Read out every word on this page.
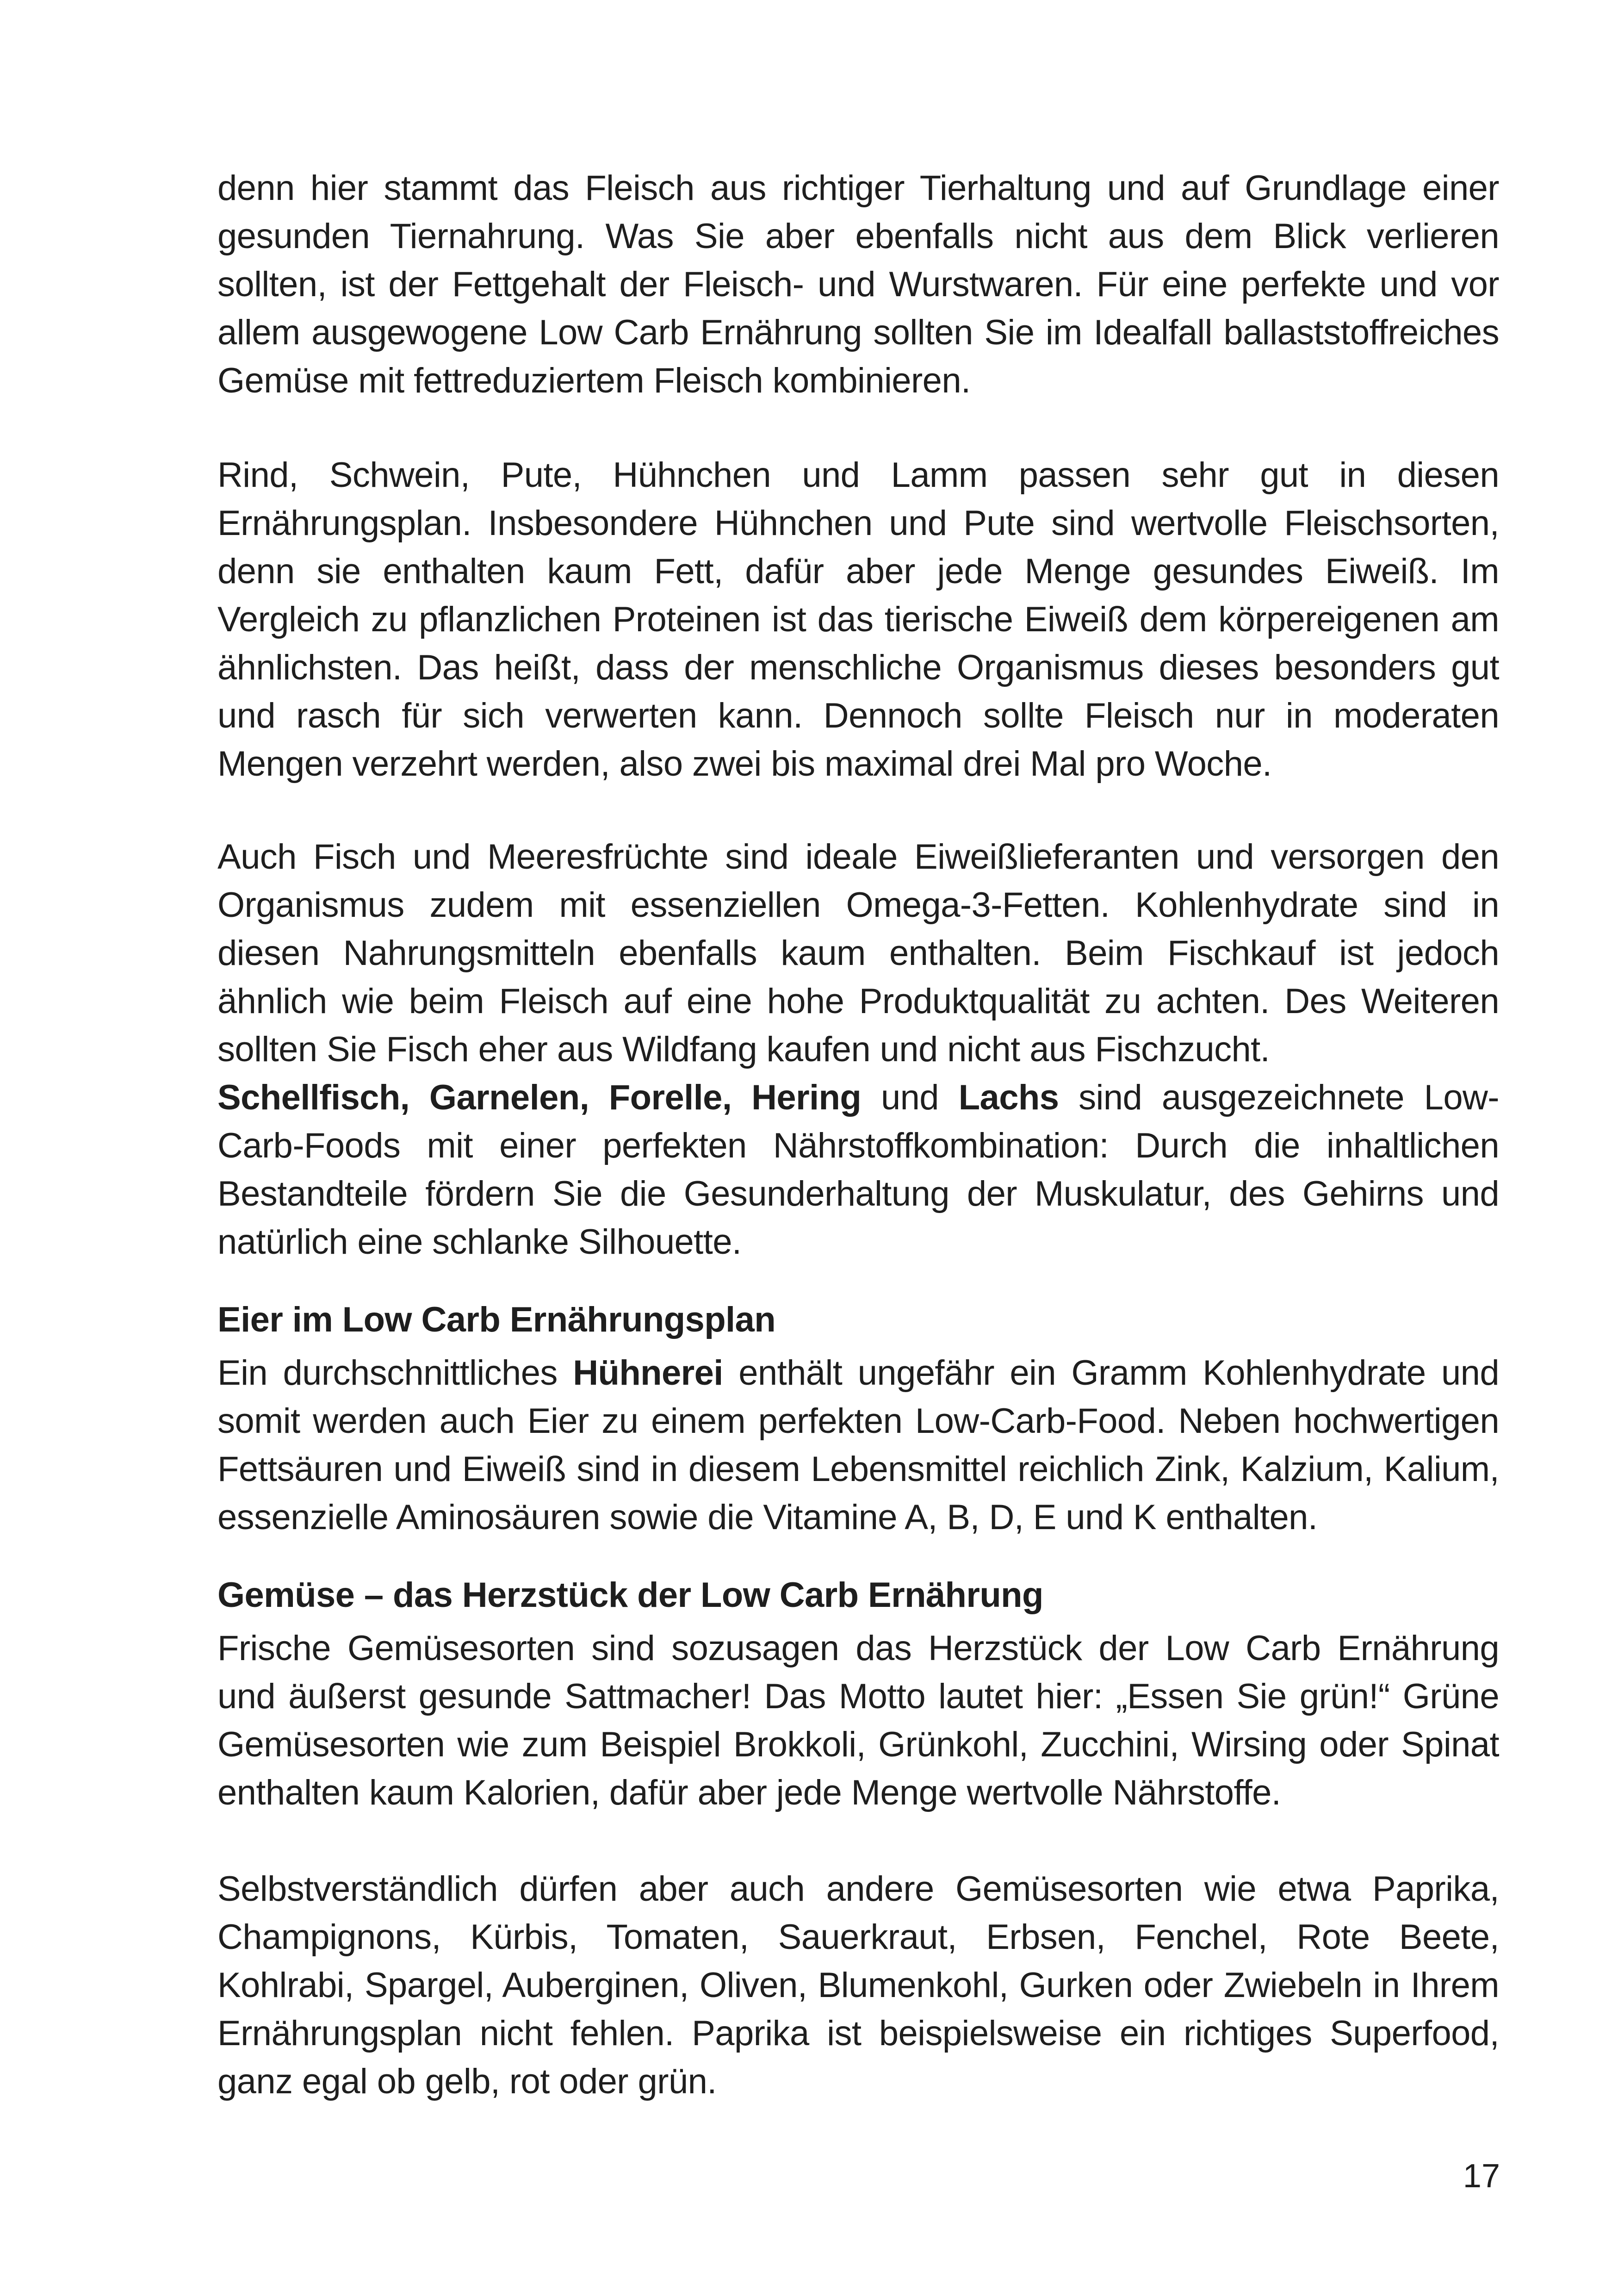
denn hier stammt das Fleisch aus richtiger Tierhaltung und auf Grundlage einer gesunden Tiernahrung. Was Sie aber ebenfalls nicht aus dem Blick verlieren sollten, ist der Fettgehalt der Fleisch- und Wurstwaren. Für eine perfekte und vor allem ausgewogene Low Carb Ernährung sollten Sie im Idealfall ballaststoffreiches Gemüse mit fettreduziertem Fleisch kombinieren.

Rind, Schwein, Pute, Hühnchen und Lamm passen sehr gut in diesen Ernährungsplan. Insbesondere Hühnchen und Pute sind wertvolle Fleischsorten, denn sie enthalten kaum Fett, dafür aber jede Menge gesundes Eiweiß. Im Vergleich zu pflanzlichen Proteinen ist das tierische Eiweiß dem körpereigenen am ähnlichsten. Das heißt, dass der menschliche Organismus dieses besonders gut und rasch für sich verwerten kann. Dennoch sollte Fleisch nur in moderaten Mengen verzehrt werden, also zwei bis maximal drei Mal pro Woche.

Auch Fisch und Meeresfrüchte sind ideale Eiweißlieferanten und versorgen den Organismus zudem mit essenziellen Omega-3-Fetten. Kohlenhydrate sind in diesen Nahrungsmitteln ebenfalls kaum enthalten. Beim Fischkauf ist jedoch ähnlich wie beim Fleisch auf eine hohe Produktqualität zu achten. Des Weiteren sollten Sie Fisch eher aus Wildfang kaufen und nicht aus Fischzucht.

Schellfisch, Garnelen, Forelle, Hering und Lachs sind ausgezeichnete Low-Carb-Foods mit einer perfekten Nährstoffkombination: Durch die inhaltlichen Bestandteile fördern Sie die Gesunderhaltung der Muskulatur, des Gehirns und natürlich eine schlanke Silhouette.

Eier im Low Carb Ernährungsplan

Ein durchschnittliches Hühnerei enthält ungefähr ein Gramm Kohlenhydrate und somit werden auch Eier zu einem perfekten Low-Carb-Food. Neben hochwertigen Fettsäuren und Eiweiß sind in diesem Lebensmittel reichlich Zink, Kalzium, Kalium, essenzielle Aminosäuren sowie die Vitamine A, B, D, E und K enthalten.

Gemüse – das Herzstück der Low Carb Ernährung

Frische Gemüsesorten sind sozusagen das Herzstück der Low Carb Ernährung und äußerst gesunde Sattmacher! Das Motto lautet hier: „Essen Sie grün!“ Grüne Gemüsesorten wie zum Beispiel Brokkoli, Grünkohl, Zucchini, Wirsing oder Spinat enthalten kaum Kalorien, dafür aber jede Menge wertvolle Nährstoffe.

Selbstverständlich dürfen aber auch andere Gemüsesorten wie etwa Paprika, Champignons, Kürbis, Tomaten, Sauerkraut, Erbsen, Fenchel, Rote Beete, Kohlrabi, Spargel, Auberginen, Oliven, Blumenkohl, Gurken oder Zwiebeln in Ihrem Ernährungsplan nicht fehlen. Paprika ist beispielsweise ein richtiges Superfood, ganz egal ob gelb, rot oder grün.

17
